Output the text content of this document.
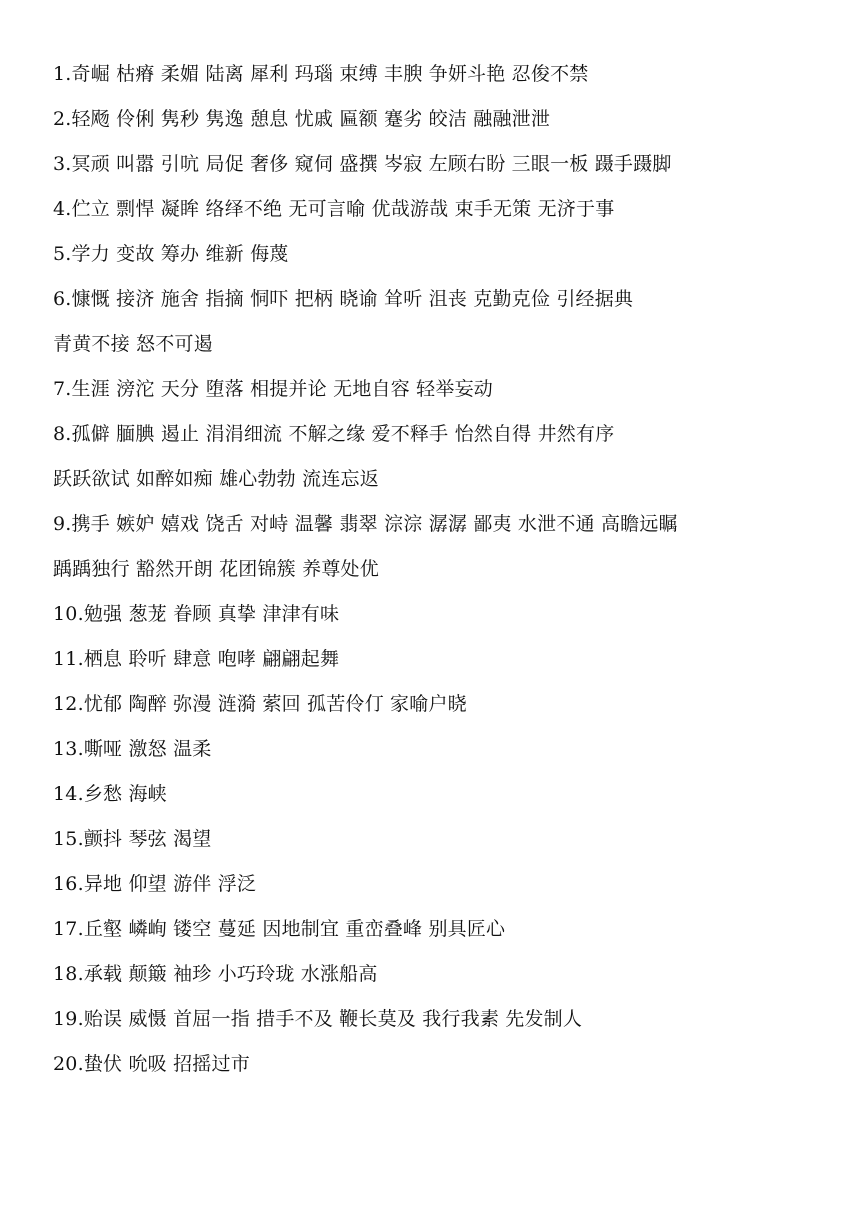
1.奇崛 枯瘠 柔媚 陆离 犀利 玛瑙 束缚 丰腴 争妍斗艳 忍俊不禁
2.轻飏 伶俐 隽秒 隽逸 憩息 忧戚 匾额 蹇劣 皎洁 融融泄泄
3.冥顽 叫嚣 引吭 局促 奢侈 窥伺 盛撰 岑寂 左顾右盼 三眼一板 蹑手蹑脚
4.伫立 剽悍 凝眸 络绎不绝 无可言喻 优哉游哉 束手无策 无济于事
5.学力 变故 筹办 维新 侮蔑
6.慷慨 接济 施舍 指摘 恫吓 把柄 晓谕 耸听 沮丧 克勤克俭 引经据典
青黄不接 怒不可遏
7.生涯 滂沱 天分 堕落 相提并论 无地自容 轻举妄动
8.孤僻 腼腆 遏止 涓涓细流 不解之缘 爱不释手 怡然自得 井然有序
跃跃欲试 如醉如痴 雄心勃勃 流连忘返
9.携手 嫉妒 嬉戏 饶舌 对峙 温馨 翡翠 淙淙 潺潺 鄙夷 水泄不通 高瞻远瞩
踽踽独行 豁然开朗 花团锦簇 养尊处优
10.勉强 葱茏 眷顾 真挚 津津有味
11.栖息 聆听 肆意 咆哮 翩翩起舞
12.忧郁 陶醉 弥漫 涟漪 萦回 孤苦伶仃 家喻户晓
13.嘶哑 激怒 温柔
14.乡愁 海峡
15.颤抖 琴弦 渴望
16.异地 仰望 游伴 浮泛
17.丘壑 嶙峋 镂空 蔓延 因地制宜 重峦叠峰 别具匠心
18.承载 颠簸 袖珍 小巧玲珑 水涨船高
19.贻误 威慑 首屈一指 措手不及 鞭长莫及 我行我素 先发制人
20.蛰伏 吮吸 招摇过市
